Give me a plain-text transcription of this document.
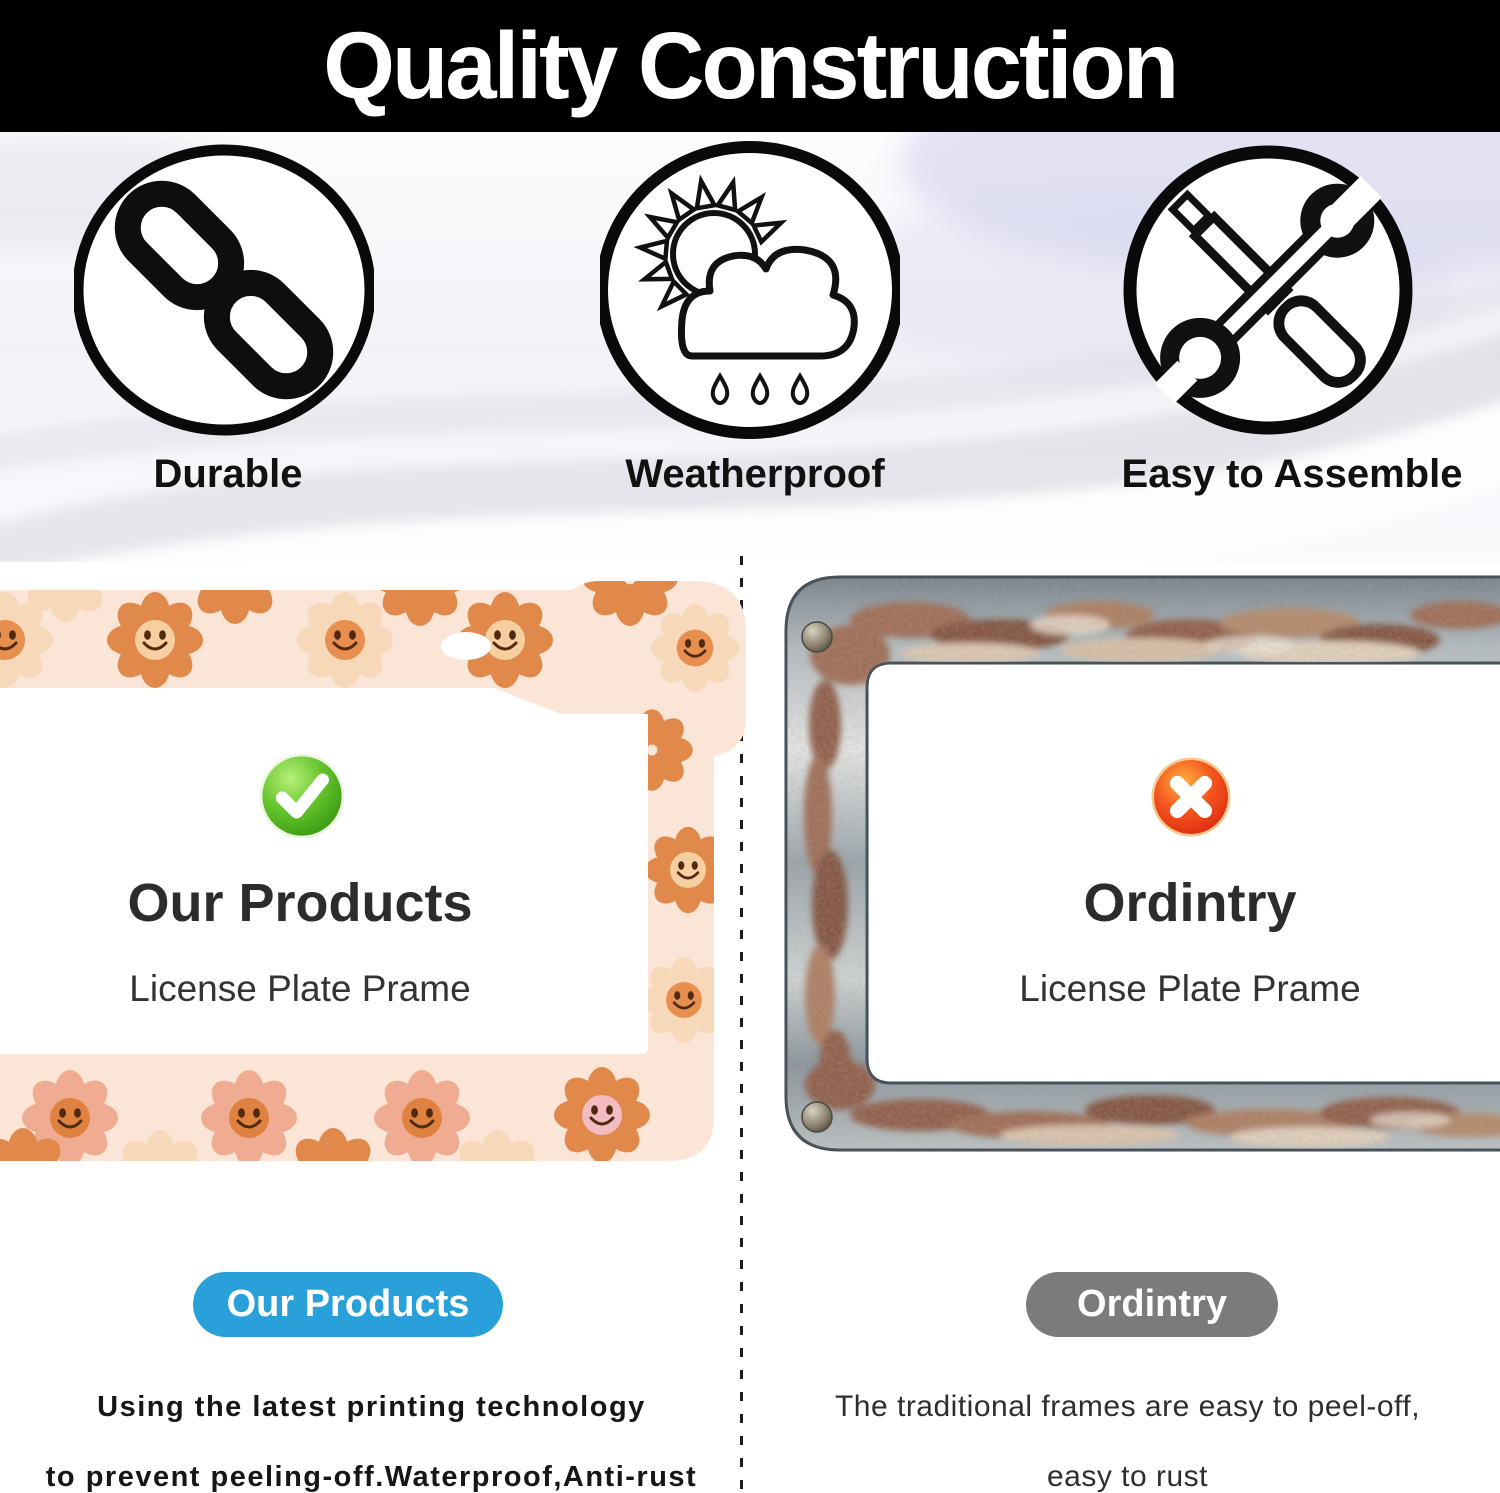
Quality Construction
Durable	Weatherproof	Easy to Assemble
Our Products
License Plate Prame
Ordintry
License Plate Prame
Our Products	Ordintry
Using the latest printing technology
to prevent peeling-off.Waterproof,Anti-rust
The traditional frames are easy to peel-off,
easy to rust
